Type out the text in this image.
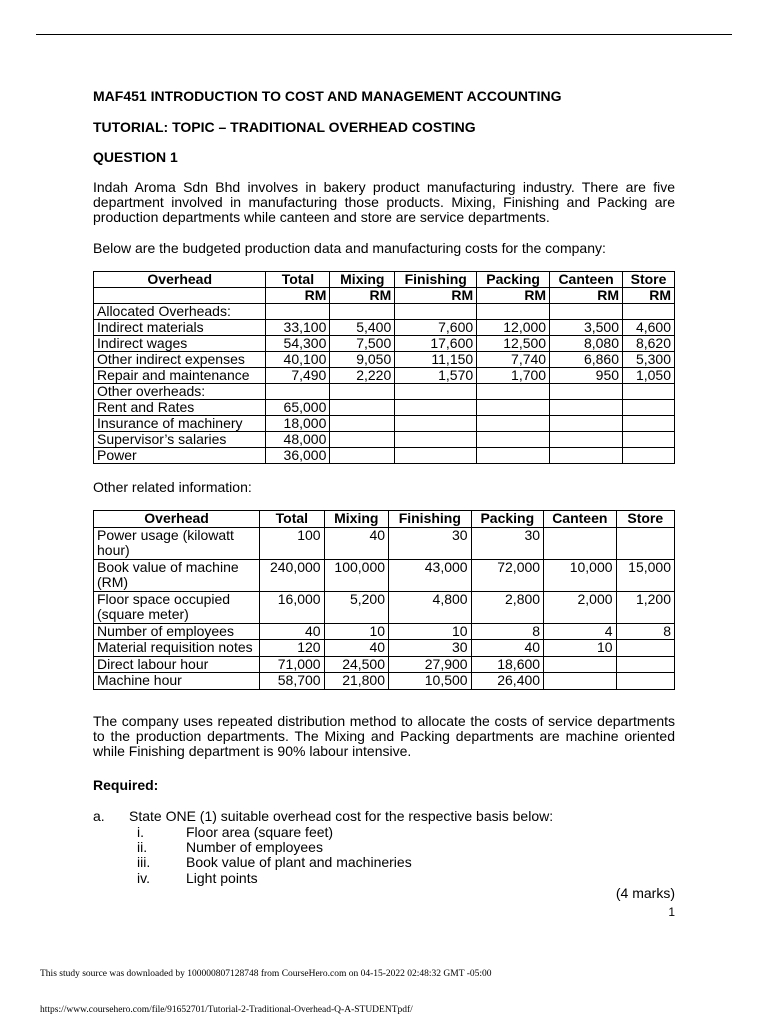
MAF451 INTRODUCTION TO COST AND MANAGEMENT ACCOUNTING
TUTORIAL: TOPIC – TRADITIONAL OVERHEAD COSTING
QUESTION 1
Indah Aroma Sdn Bhd involves in bakery product manufacturing industry. There are five department involved in manufacturing those products. Mixing, Finishing and Packing are production departments while canteen and store are service departments.
Below are the budgeted production data and manufacturing costs for the company:
Overhead	Total	Mixing	Finishing	Packing	Canteen	Store
	RM	RM	RM	RM	RM	RM
Allocated Overheads:						
Indirect materials	33,100	5,400	7,600	12,000	3,500	4,600
Indirect wages	54,300	7,500	17,600	12,500	8,080	8,620
Other indirect expenses	40,100	9,050	11,150	7,740	6,860	5,300
Repair and maintenance	7,490	2,220	1,570	1,700	950	1,050
Other overheads:						
Rent and Rates	65,000					
Insurance of machinery	18,000					
Supervisor’s salaries	48,000					
Power	36,000					
Other related information:
Overhead	Total	Mixing	Finishing	Packing	Canteen	Store
Power usage (kilowatt hour)	100	40	30	30		
Book value of machine (RM)	240,000	100,000	43,000	72,000	10,000	15,000
Floor space occupied (square meter)	16,000	5,200	4,800	2,800	2,000	1,200
Number of employees	40	10	10	8	4	8
Material requisition notes	120	40	30	40	10	
Direct labour hour	71,000	24,500	27,900	18,600		
Machine hour	58,700	21,800	10,500	26,400		
The company uses repeated distribution method to allocate the costs of service departments to the production departments. The Mixing and Packing departments are machine oriented while Finishing department is 90% labour intensive.
Required:
a. State ONE (1) suitable overhead cost for the respective basis below:
i.	Floor area (square feet)
ii.	Number of employees
iii.	Book value of plant and machineries
iv.	Light points
(4 marks)
1
This study source was downloaded by 100000807128748 from CourseHero.com on 04-15-2022 02:48:32 GMT -05:00
https://www.coursehero.com/file/91652701/Tutorial-2-Traditional-Overhead-Q-A-STUDENTpdf/
